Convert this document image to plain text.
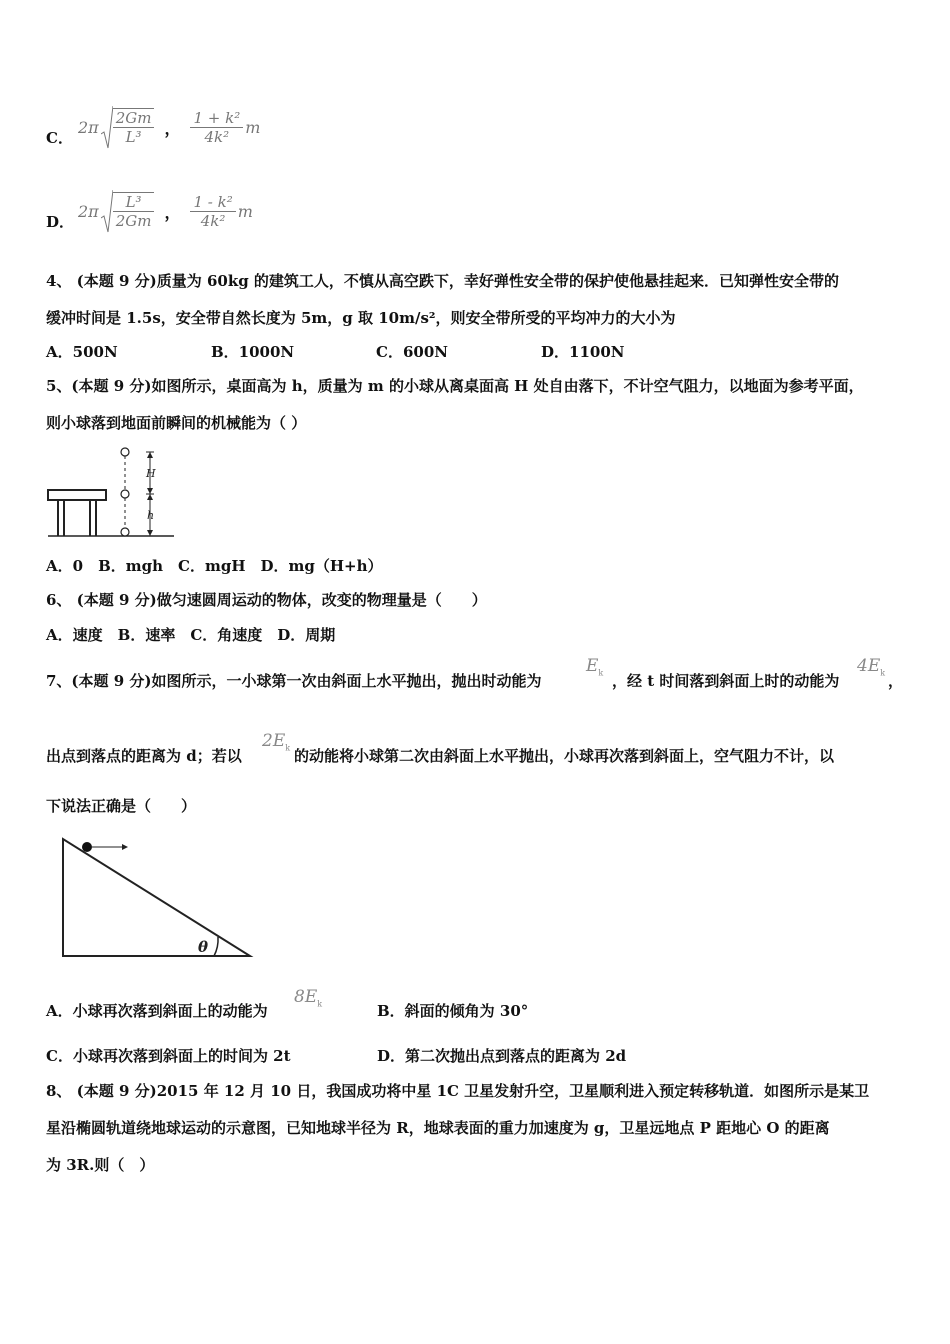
C．
$2\pi \frac{2Gm}{\text{L³}}$ ， $\frac{\text{1 + k²}}{\text{4k²}}$ m
D．
$2\pi \frac{\text{L³}}{2Gm}$ ， $\frac{\text{1 - k²}}{\text{4k²}}$ m
4、 (本题 9 分)质量为 60kg 的建筑工人，不慎从高空跌下，幸好弹性安全带的保护使他悬挂起来．已知弹性安全带的
缓冲时间是 1.5s，安全带自然长度为 5m，g 取 10m/s²，则安全带所受的平均冲力的大小为
A．500N	B．1000N	C．600N	D．1100N
5、(本题 9 分)如图所示，桌面高为 h，质量为 m 的小球从离桌面高 H 处自由落下，不计空气阻力，以地面为参考平面，
则小球落到地面前瞬间的机械能为（ ）
H
h
A．0　B．mgh　C．mgH　D．mg（H+h）
6、 (本题 9 分)做匀速圆周运动的物体，改变的物理量是（　　）
A．速度　B．速率　C．角速度　D．周期
7、(本题 9 分)如图所示，一小球第一次由斜面上水平抛出，抛出时动能为
$E_k$ ，经 t 时间落到斜面上时的动能为
$4E_k$ ，
出点到落点的距离为 d；若以
$2E_k$ 的动能将小球第二次由斜面上水平抛出，小球再次落到斜面上，空气阻力不计，以
下说法正确是（　　）
θ
A．小球再次落到斜面上的动能为
$8E_k$	B．斜面的倾角为 30°
C．小球再次落到斜面上的时间为 2t	D．第二次抛出点到落点的距离为 2d
8、 (本题 9 分)2015 年 12 月 10 日，我国成功将中星 1C 卫星发射升空，卫星顺利进入预定转移轨道．如图所示是某卫
星沿椭圆轨道绕地球运动的示意图，已知地球半径为 R，地球表面的重力加速度为 g，卫星远地点 P 距地心 O 的距离
为 3R.则（　）
